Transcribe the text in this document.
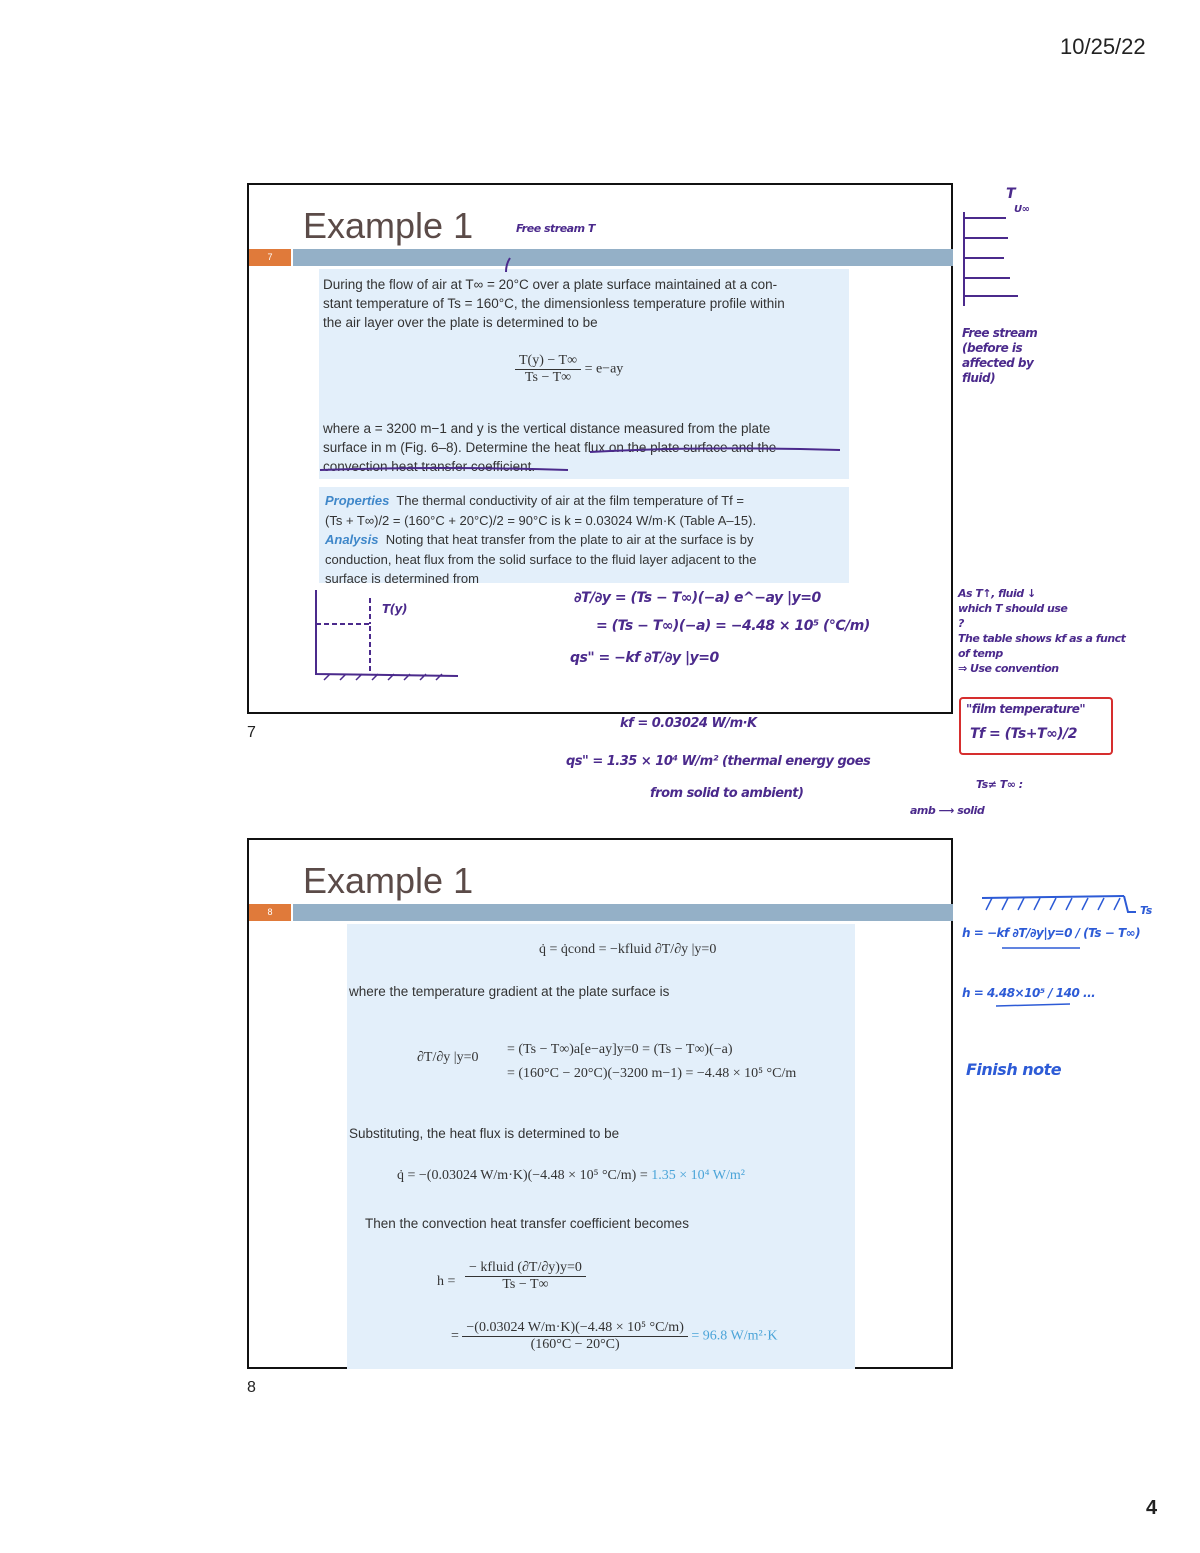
10/25/22
Example 1
7
During the flow of air at T∞ = 20°C over a plate surface maintained at a con-
stant temperature of Ts = 160°C, the dimensionless temperature profile within
the air layer over the plate is determined to be
$\frac{T(y) - T\infty}{Ts - T\infty} = e-ay$
where a = 3200 m−1 and y is the vertical distance measured from the plate
surface in m (Fig. 6–8). Determine the heat flux on the plate surface and the
convection heat transfer coefficient.
Properties The thermal conductivity of air at the film temperature of Tf =
(Ts + T∞)/2 = (160°C + 20°C)/2 = 90°C is k = 0.03024 W/m·K (Table A–15).
Analysis Noting that heat transfer from the plate to air at the surface is by
conduction, heat flux from the solid surface to the fluid layer adjacent to the
surface is determined from
7
Example 1
8
q̇ = q̇cond = −kfluid ∂T/∂y |y=0
where the temperature gradient at the plate surface is
∂T/∂y |y=0
= (Ts − T∞)a[e−ay]y=0 = (Ts − T∞)(−a)
= (160°C − 20°C)(−3200 m−1) = −4.48 × 10⁵ °C/m
Substituting, the heat flux is determined to be
q̇ = −(0.03024 W/m·K)(−4.48 × 10⁵ °C/m) = 1.35 × 10⁴ W/m²
Then the convection heat transfer coefficient becomes
$h = \frac{\text{− kfluid (∂T/∂y)y=0}}{Ts - T\infty}$
= $\frac{\text{−(0.03024 W/m·K)(−4.48 × 10⁵ °C/m)}}{(160^\circ C - 20^\circ C)} = 96.8$ W/m²·K
8
Free stream T
T
U∞
Free stream
(before is
affected by
fluid)
T(y)
∂T/∂y = (Ts − T∞)(−a) e^−ay |y=0
= (Ts − T∞)(−a) = −4.48 × 10⁵ (°C/m)
qs" = −kf ∂T/∂y |y=0
kf = 0.03024 W/m·K
qs" = 1.35 × 10⁴ W/m² (thermal energy goes
from solid to ambient)
As T↑, fluid ↓
which T should use
?
The table shows kf as a funct
of temp
⇒ Use convention
"film temperature"
Tf = (Ts+T∞)/2
Ts≠ T∞ :
amb ⟶ solid
Ts
h = −kf ∂T/∂y|y=0 / (Ts − T∞)
h = 4.48×10⁵ / 140 ...
Finish note
4
